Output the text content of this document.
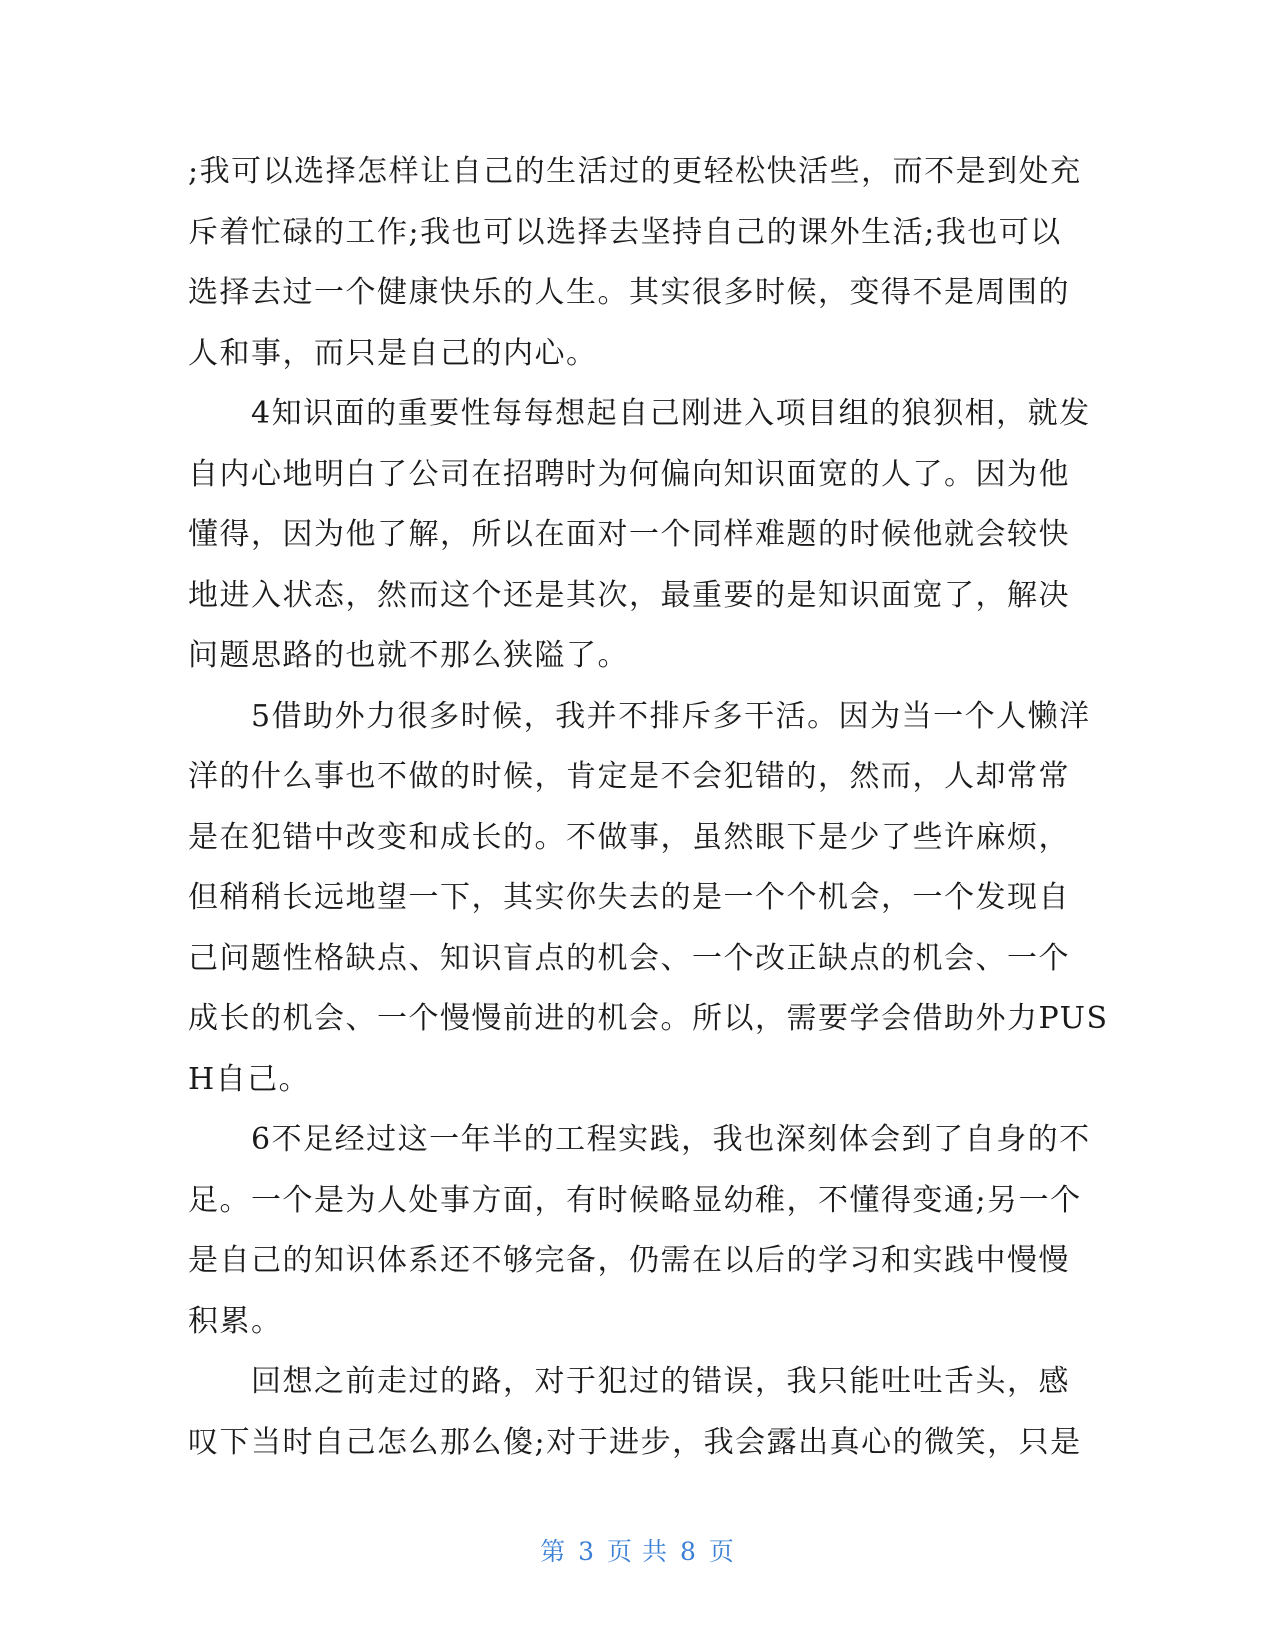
;我可以选择怎样让自己的生活过的更轻松快活些，而不是到处充
斥着忙碌的工作;我也可以选择去坚持自己的课外生活;我也可以
选择去过一个健康快乐的人生。其实很多时候，变得不是周围的
人和事，而只是自己的内心。
　　4知识面的重要性每每想起自己刚进入项目组的狼狈相，就发
自内心地明白了公司在招聘时为何偏向知识面宽的人了。因为他
懂得，因为他了解，所以在面对一个同样难题的时候他就会较快
地进入状态，然而这个还是其次，最重要的是知识面宽了，解决
问题思路的也就不那么狭隘了。
　　5借助外力很多时候，我并不排斥多干活。因为当一个人懒洋
洋的什么事也不做的时候，肯定是不会犯错的，然而，人却常常
是在犯错中改变和成长的。不做事，虽然眼下是少了些许麻烦，
但稍稍长远地望一下，其实你失去的是一个个机会，一个发现自
己问题性格缺点、知识盲点的机会、一个改正缺点的机会、一个
成长的机会、一个慢慢前进的机会。所以，需要学会借助外力PUS
H自己。
　　6不足经过这一年半的工程实践，我也深刻体会到了自身的不
足。一个是为人处事方面，有时候略显幼稚，不懂得变通;另一个
是自己的知识体系还不够完备，仍需在以后的学习和实践中慢慢
积累。
　　回想之前走过的路，对于犯过的错误，我只能吐吐舌头，感
叹下当时自己怎么那么傻;对于进步，我会露出真心的微笑，只是
第 3 页 共 8 页
